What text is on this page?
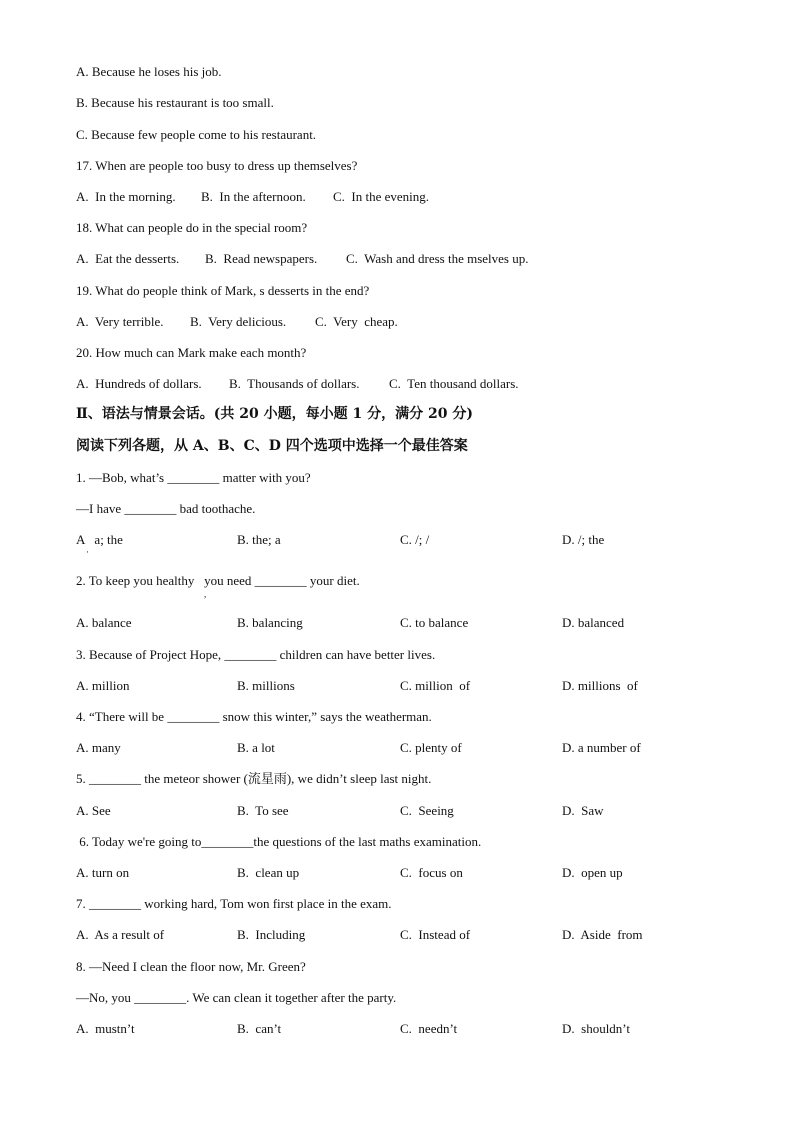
A. Because he loses his job.
B. Because his restaurant is too small.
C. Because few people come to his restaurant.
17. When are people too busy to dress up themselves?
A.  In the morning. B.  In the afternoon. C.  In the evening.
18. What can people do in the special room?
A.  Eat the desserts. B.  Read newspapers. C.  Wash and dress the mselves up.
19. What do people think of Mark, s desserts in the end?
A.  Very terrible. B.  Very delicious. C.  Very  cheap.
20. How much can Mark make each month?
A.  Hundreds of dollars. B.  Thousands of dollars. C.  Ten thousand dollars.
Ⅱ、语法与情景会话。(共 20 小题，每小题 1 分，满分 20 分)
阅读下列各题，从 A、B、C、D 四个选项中选择一个最佳答案
1. —Bob, what’s ________ matter with you?
—I have ________ bad toothache.
A   a; the
·
B. the; a	C. /; /	D. /; the
2. To keep you healthy   you need ________ your diet.
,
A. balance	B. balancing	C. to balance	D. balanced
3. Because of Project Hope, ________ children can have better lives.
A. million	B. millions	C. million  of	D. millions  of
4. “There will be ________ snow this winter,” says the weatherman.
A. many	B. a lot	C. plenty of	D. a number of
5. ________ the meteor shower (流星雨), we didn’t sleep last night.
A. See	B.  To see	C.  Seeing	D.  Saw
6. Today we're going to________the questions of the last maths examination.
A. turn on	B.  clean up	C.  focus on	D.  open up
7. ________ working hard, Tom won first place in the exam.
A.  As a result of	B.  Including	C.  Instead of	D.  Aside  from
8. —Need I clean the floor now, Mr. Green?
—No, you ________. We can clean it together after the party.
A.  mustn’t	B.  can’t	C.  needn’t	D.  shouldn’t
